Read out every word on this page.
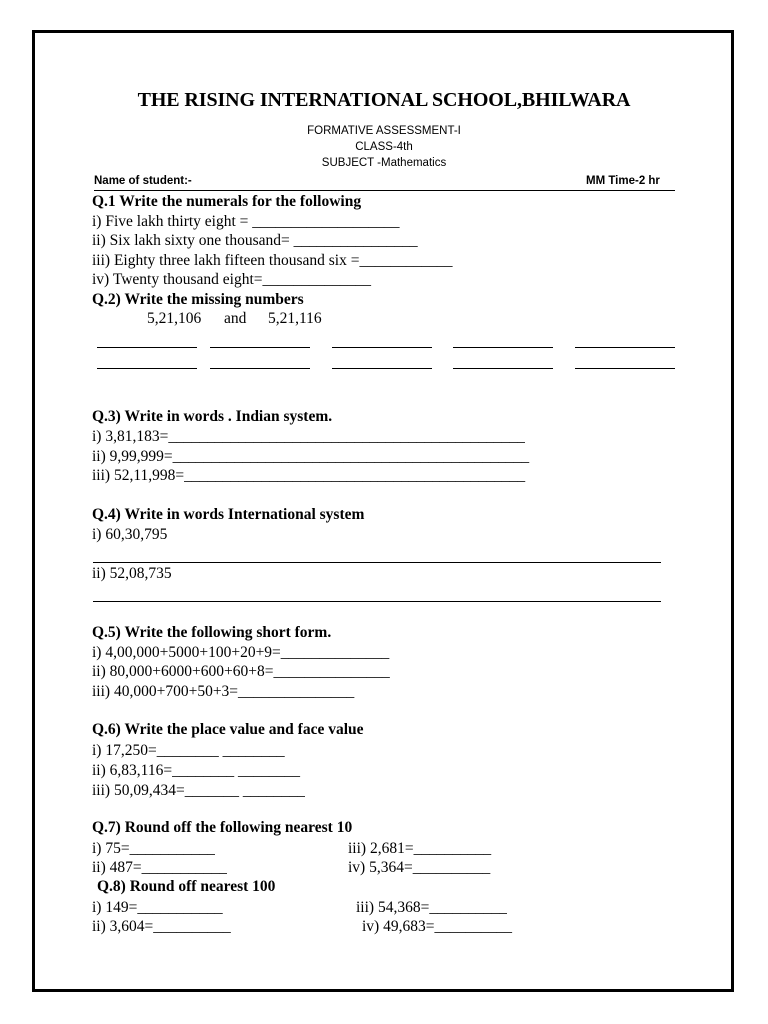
THE RISING INTERNATIONAL SCHOOL,BHILWARA
FORMATIVE ASSESSMENT-I
CLASS-4th
SUBJECT -Mathematics
Name of student:-	MM Time-2 hr
Q.1 Write the numerals for the following
i) Five lakh thirty eight = ___________________
ii) Six lakh sixty one thousand= ________________
iii) Eighty three lakh fifteen thousand six =____________
iv) Twenty thousand eight=______________
Q.2) Write the missing numbers
5,21,106 and 5,21,116
Q.3) Write in words . Indian system.
i) 3,81,183=______________________________________________
ii) 9,99,999=______________________________________________
iii) 52,11,998=____________________________________________
Q.4) Write in words International system
i) 60,30,795
ii) 52,08,735
Q.5) Write the following short form.
i) 4,00,000+5000+100+20+9=______________
ii) 80,000+6000+600+60+8=_______________
iii) 40,000+700+50+3=_______________
Q.6) Write the place value and face value
i) 17,250=________ ________
ii) 6,83,116=________ ________
iii) 50,09,434=_______ ________
Q.7) Round off the following nearest 10
i) 75=___________
ii) 487=___________
iii) 2,681=__________
iv) 5,364=__________
Q.8) Round off nearest 100
i) 149=___________
ii) 3,604=__________
iii) 54,368=__________
iv) 49,683=__________
